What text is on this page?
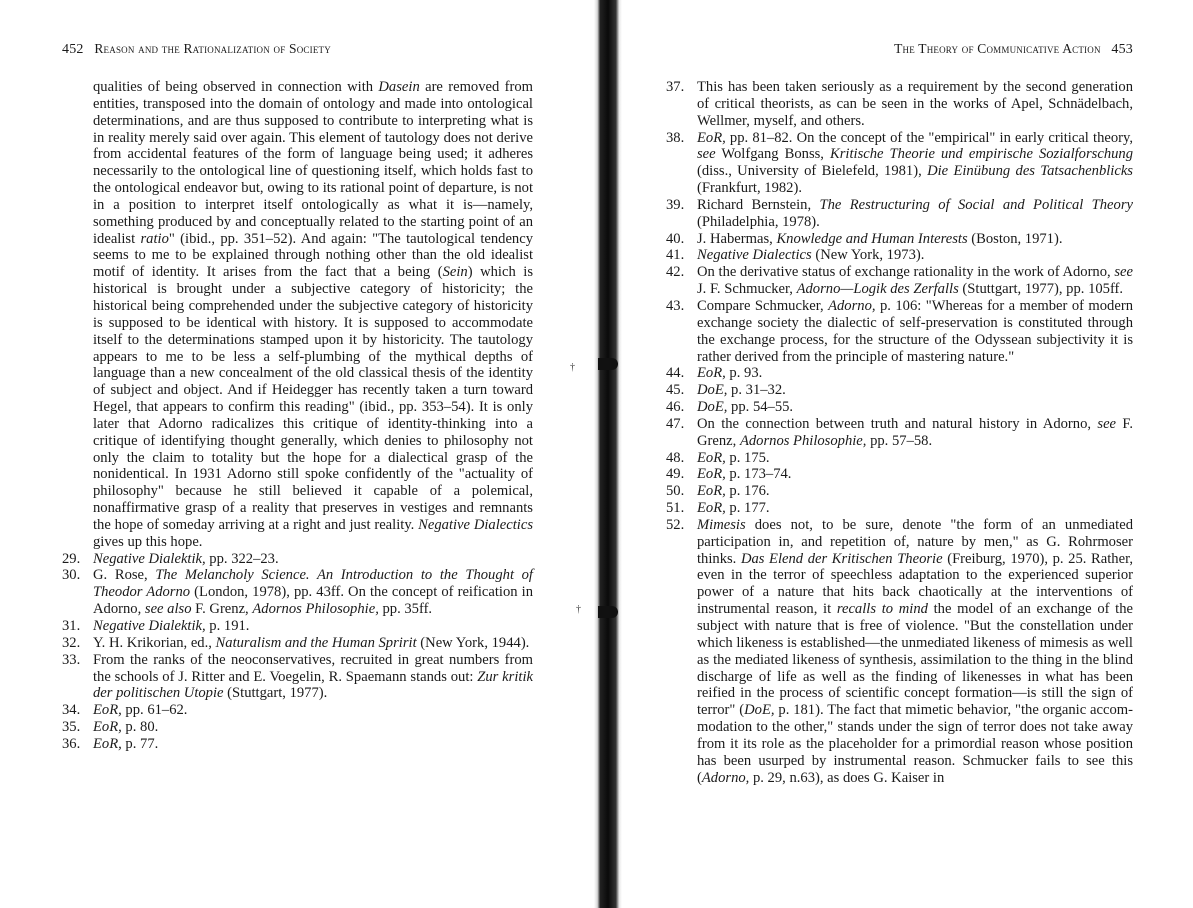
452 Reason and the Rationalization of Society

qualities of being observed in connection with Dasein are removed from entities, transposed into the domain of ontology and made into ontological determinations, and are thus supposed to contribute to interpreting what is in reality merely said over again. This element of tautology does not derive from accidental features of the form of language being used; it adheres necessarily to the ontological line of questioning itself, which holds fast to the ontological endeavor but, owing to its rational point of departure, is not in a position to interpret itself ontologically as what it is—namely, something produced by and conceptually related to the starting point of an idealist ratio" (ibid., pp. 351–52). And again: "The tautological tendency seems to me to be explained through nothing other than the old idealist motif of identity. It arises from the fact that a being (Sein) which is historical is brought under a subjective category of historicity; the historical being comprehended under the subjective category of historicity is supposed to be identical with history. It is supposed to accommodate itself to the determinations stamped upon it by historicity. The tautology appears to me to be less a self-plumbing of the mythical depths of language than a new concealment of the old classical thesis of the identity of subject and object. And if Heidegger has recently taken a turn toward Hegel, that appears to confirm this reading" (ibid., pp. 353–54). It is only later that Adorno radicalizes this critique of identity-thinking into a critique of identifying thought generally, which denies to philosophy not only the claim to totality but the hope for a dialectical grasp of the nonidentical. In 1931 Adorno still spoke confidently of the "actuality of philosophy" because he still believed it capable of a polemical, nonaffirmative grasp of a reality that preserves in vestiges and remnants the hope of someday arriving at a right and just reality. Negative Dialectics gives up this hope.

29. Negative Dialektik, pp. 322–23.
30. G. Rose, The Melancholy Science. An Introduction to the Thought of Theodor Adorno (London, 1978), pp. 43ff. On the concept of reification in Adorno, see also F. Grenz, Adornos Philosophie, pp. 35ff.
31. Negative Dialektik, p. 191.
32. Y. H. Krikorian, ed., Naturalism and the Human Spririt (New York, 1944).
33. From the ranks of the neoconservatives, recruited in great numbers from the schools of J. Ritter and E. Voegelin, R. Spaemann stands out: Zur kritik der politischen Utopie (Stuttgart, 1977).
34. EoR, pp. 61–62.
35. EoR, p. 80.
36. EoR, p. 77.
†
†
The Theory of Communicative Action 453
37. This has been taken seriously as a requirement by the second generation of critical theorists, as can be seen in the works of Apel, Schnädelbach, Wellmer, myself, and others.
38. EoR, pp. 81–82. On the concept of the "empirical" in early critical theory, see Wolfgang Bonss, Kritische Theorie und empirische Sozialforschung (diss., University of Bielefeld, 1981), Die Einübung des Tatsachenblicks (Frankfurt, 1982).
39. Richard Bernstein, The Restructuring of Social and Political Theory (Philadelphia, 1978).
40. J. Habermas, Knowledge and Human Interests (Boston, 1971).
41. Negative Dialectics (New York, 1973).
42. On the derivative status of exchange rationality in the work of Adorno, see J. F. Schmucker, Adorno—Logik des Zerfalls (Stuttgart, 1977), pp. 105ff.
43. Compare Schmucker, Adorno, p. 106: "Whereas for a member of modern exchange society the dialectic of self-preservation is constituted through the exchange process, for the structure of the Odyssean subjectivity it is rather derived from the principle of mastering nature."
44. EoR, p. 93.
45. DoE, p. 31–32.
46. DoE, pp. 54–55.
47. On the connection between truth and natural history in Adorno, see F. Grenz, Adornos Philosophie, pp. 57–58.
48. EoR, p. 175.
49. EoR, p. 173–74.
50. EoR, p. 176.
51. EoR, p. 177.
52. Mimesis does not, to be sure, denote "the form of an unmediated participation in, and repetition of, nature by men," as G. Rohrmoser thinks. Das Elend der Kritischen Theorie (Freiburg, 1970), p. 25. Rather, even in the terror of speechless adaptation to the experienced superior power of a nature that hits back chaotically at the interventions of instrumental reason, it recalls to mind the model of an exchange of the subject with nature that is free of violence. "But the constellation under which likeness is established—the unmediated likeness of mimesis as well as the mediated likeness of synthesis, assimilation to the thing in the blind discharge of life as well as the finding of likenesses in what has been reified in the process of scientific concept formation—is still the sign of terror" (DoE, p. 181). The fact that mimetic behavior, "the organic accommodation to the other," stands under the sign of terror does not take away from it its role as the placeholder for a primordial reason whose position has been usurped by instrumental reason. Schmucker fails to see this (Adorno, p. 29, n.63), as does G. Kaiser in
